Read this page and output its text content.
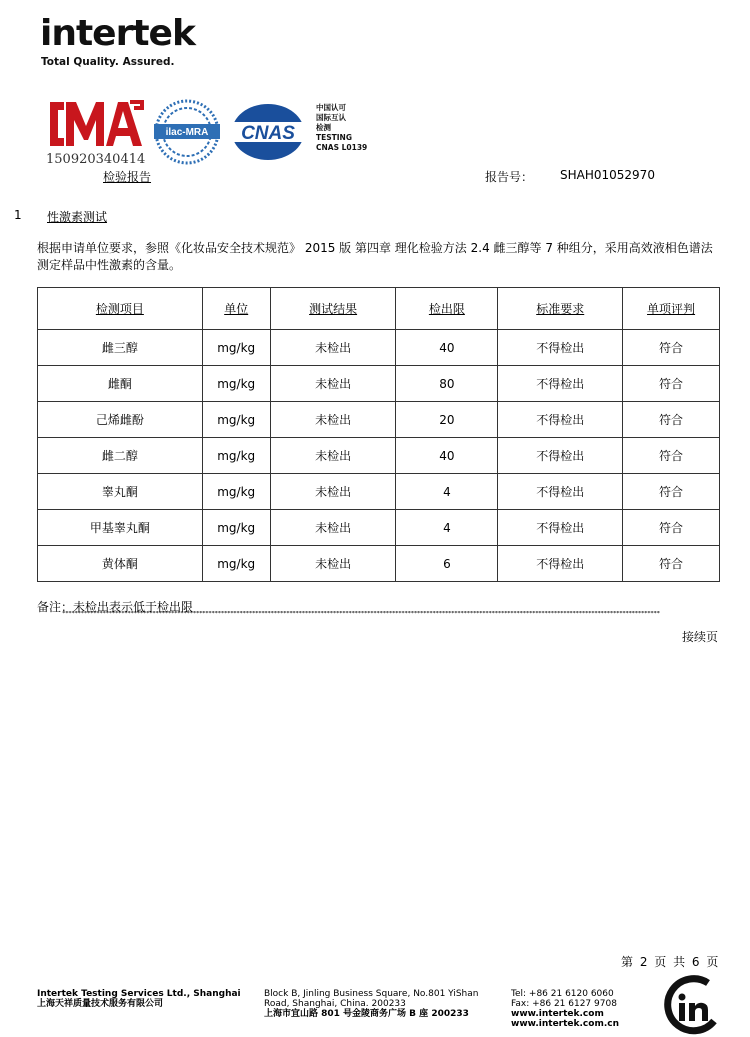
intertek
Total Quality. Assured.
150920340414
ilac-MRA CNAS
中国认可
国际互认
检测
TESTING
CNAS L0139
检验报告	报告号： SHAH01052970
1 性激素测试
根据申请单位要求，参照《化妆品安全技术规范》 2015 版 第四章 理化检验方法 2.4 雌三醇等 7 种组分，采用高效液相色谱法测定样品中性激素的含量。
检测项目	单位	测试结果	检出限	标准要求	单项评判
雌三醇	mg/kg	未检出	40	不得检出	符合
雌酮	mg/kg	未检出	80	不得检出	符合
己烯雌酚	mg/kg	未检出	20	不得检出	符合
雌二醇	mg/kg	未检出	40	不得检出	符合
睾丸酮	mg/kg	未检出	4	不得检出	符合
甲基睾丸酮	mg/kg	未检出	4	不得检出	符合
黄体酮	mg/kg	未检出	6	不得检出	符合
备注：未检出表示低于检出限
************************************************************************************************************************************************************************************************
接续页
第 2 页 共 6 页
Intertek Testing Services Ltd., Shanghai
上海天祥质量技术服务有限公司
Block B, Jinling Business Square, No.801 YiShan
Road, Shanghai, China. 200233
上海市宜山路 801 号金陵商务广场 B 座 200233
Tel: +86 21 6120 6060
Fax: +86 21 6127 9708
www.intertek.com
www.intertek.com.cn
